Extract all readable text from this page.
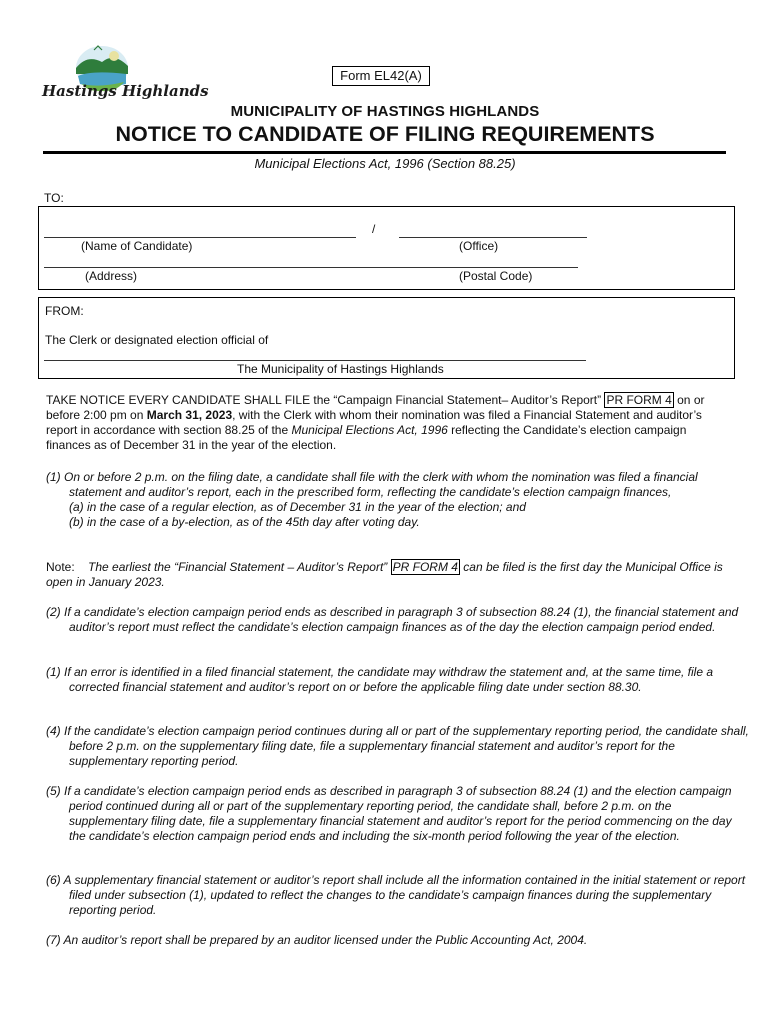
Hastings Highlands
Form EL42(A)
MUNICIPALITY OF HASTINGS HIGHLANDS
NOTICE TO CANDIDATE OF FILING REQUIREMENTS
Municipal Elections Act, 1996 (Section 88.25)
TO:
/
(Name of Candidate)	(Office)
(Address)	(Postal Code)
FROM:
The Clerk or designated election official of
The Municipality of Hastings Highlands
TAKE NOTICE EVERY CANDIDATE SHALL FILE the “Campaign Financial Statement– Auditor’s Report” PR FORM 4 on or before 2:00 pm on March 31, 2023, with the Clerk with whom their nomination was filed a Financial Statement and auditor’s report in accordance with section 88.25 of the Municipal Elections Act, 1996 reflecting the Candidate’s election campaign finances as of December 31 in the year of the election.
(1) On or before 2 p.m. on the filing date, a candidate shall file with the clerk with whom the nomination was filed a financial statement and auditor’s report, each in the prescribed form, reflecting the candidate’s election campaign finances,
(a) in the case of a regular election, as of December 31 in the year of the election; and
(b) in the case of a by-election, as of the 45th day after voting day.
Note:    The earliest the “Financial Statement – Auditor’s Report” PR FORM 4 can be filed is the first day the Municipal Office is open in January 2023.
(2) If a candidate’s election campaign period ends as described in paragraph 3 of subsection 88.24 (1), the financial statement and auditor’s report must reflect the candidate’s election campaign finances as of the day the election campaign period ended.
(1) If an error is identified in a filed financial statement, the candidate may withdraw the statement and, at the same time, file a corrected financial statement and auditor’s report on or before the applicable filing date under section 88.30.
(4) If the candidate’s election campaign period continues during all or part of the supplementary reporting period, the candidate shall, before 2 p.m. on the supplementary filing date, file a supplementary financial statement and auditor’s report for the supplementary reporting period.
(5) If a candidate’s election campaign period ends as described in paragraph 3 of subsection 88.24 (1) and the election campaign period continued during all or part of the supplementary reporting period, the candidate shall, before 2 p.m. on the supplementary filing date, file a supplementary financial statement and auditor’s report for the period commencing on the day the candidate’s election campaign period ends and including the six-month period following the year of the election.
(6) A supplementary financial statement or auditor’s report shall include all the information contained in the initial statement or report filed under subsection (1), updated to reflect the changes to the candidate’s campaign finances during the supplementary reporting period.
(7) An auditor’s report shall be prepared by an auditor licensed under the Public Accounting Act, 2004.
